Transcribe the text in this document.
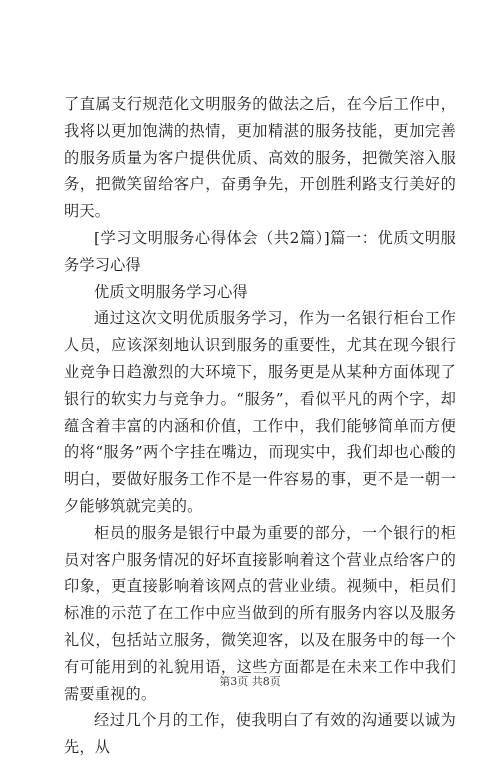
了直属支行规范化文明服务的做法之后，在今后工作中，我将以更加饱满的热情，更加精湛的服务技能，更加完善的服务质量为客户提供优质、高效的服务，把微笑溶入服务，把微笑留给客户，奋勇争先，开创胜利路支行美好的明天。

[学习文明服务心得体会（共2篇）]篇一：优质文明服务学习心得

优质文明服务学习心得

通过这次文明优质服务学习，作为一名银行柜台工作人员，应该深刻地认识到服务的重要性，尤其在现今银行业竞争日趋激烈的大环境下，服务更是从某种方面体现了银行的软实力与竞争力。“服务”，看似平凡的两个字，却蕴含着丰富的内涵和价值，工作中，我们能够简单而方便的将“服务”两个字挂在嘴边，而现实中，我们却也心酸的明白，要做好服务工作不是一件容易的事，更不是一朝一夕能够筑就完美的。

柜员的服务是银行中最为重要的部分，一个银行的柜员对客户服务情况的好坏直接影响着这个营业点给客户的印象，更直接影响着该网点的营业业绩。视频中，柜员们标准的示范了在工作中应当做到的所有服务内容以及服务礼仪，包括站立服务，微笑迎客，以及在服务中的每一个有可能用到的礼貌用语，这些方面都是在未来工作中我们需要重视的。

经过几个月的工作，使我明白了有效的沟通要以诚为先，从

第3页 共8页
